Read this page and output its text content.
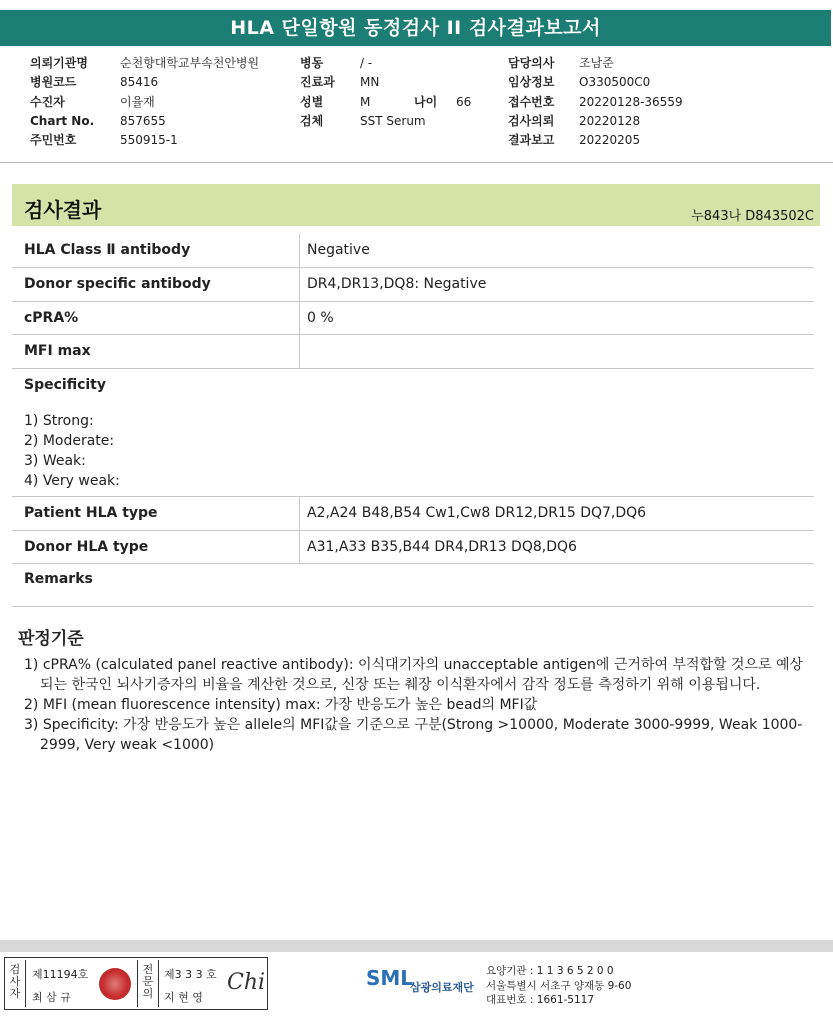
HLA 단일항원 동정검사 II 검사결과보고서
의뢰기관명	순천향대학교부속천안병원
병원코드	85416
수진자	이율재
Chart No. 857655
주민번호	550915-1
병동	/ -
진료과 MN
성별	M	나이 66
검체	SST Serum
담당의사 조남준
임상정보 O330500C0
접수번호 20220128-36559
검사의뢰 20220128
결과보고 20220205
검사결과	누843나 D843502C
HLA Class Ⅱ antibody	Negative
Donor specific antibody	DR4,DR13,DQ8: Negative
cPRA%	0 %
MFI max
Specificity
1) Strong:
2) Moderate:
3) Weak:
4) Very weak:
Patient HLA type	A2,A24 B48,B54 Cw1,Cw8 DR12,DR15 DQ7,DQ6
Donor HLA type	A31,A33 B35,B44 DR4,DR13 DQ8,DQ6
Remarks
판정기준
1) cPRA% (calculated panel reactive antibody): 이식대기자의 unacceptable antigen에 근거하여 부적합할 것으로 예상되는 한국인 뇌사기증자의 비율을 계산한 것으로, 신장 또는 췌장 이식환자에서 감작 정도를 측정하기 위해 이용됩니다.
2) MFI (mean fluorescence intensity) max: 가장 반응도가 높은 bead의 MFI값
3) Specificity: 가장 반응도가 높은 allele의 MFI값을 기준으로 구분(Strong >10000, Moderate 3000-9999, Weak 1000-2999, Very weak <1000)
검사자
제11194호
최 삼 규
전문의
제3 3 3 호
지 현 영
Chi	SML
삼광의료재단
요양기관 : 1 1 3 6 5 2 0 0
서울특별시 서초구 양재동 9-60
대표번호 : 1661-5117
